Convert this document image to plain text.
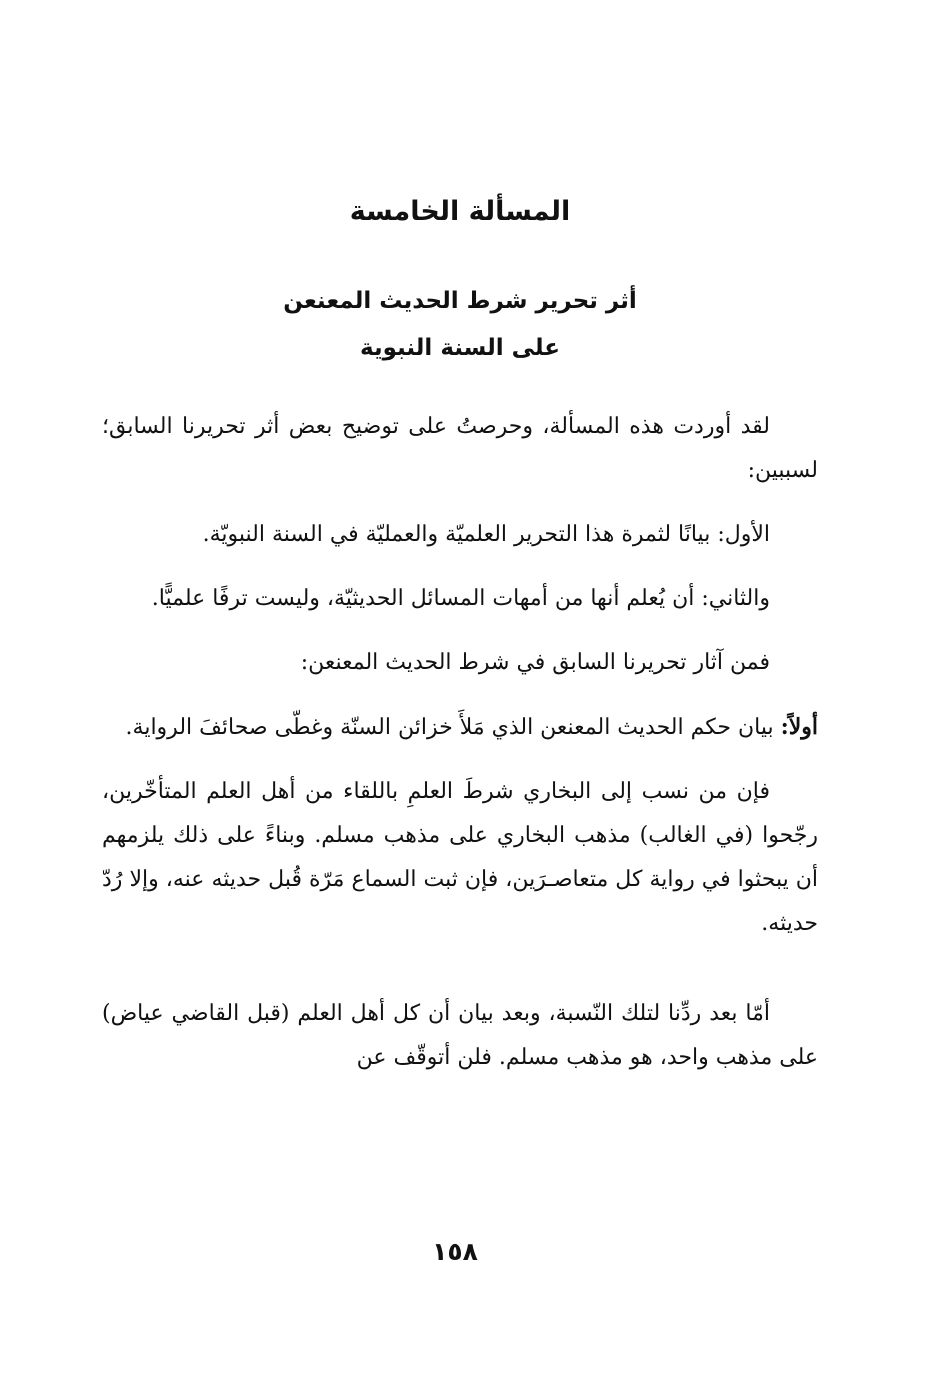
المسألة الخامسة
أثر تحرير شرط الحديث المعنعن
على السنة النبوية

لقد أوردت هذه المسألة، وحرصتُ على توضيح بعض أثر تحريرنا السابق؛ لسببين:

الأول: بيانًا لثمرة هذا التحرير العلميّة والعمليّة في السنة النبويّة.

والثاني: أن يُعلم أنها من أمهات المسائل الحديثيّة، وليست ترفًا علميًّا.

فمن آثار تحريرنا السابق في شرط الحديث المعنعن:

أولاً: بيان حكم الحديث المعنعن الذي مَلأَ خزائن السنّة وغطّى صحائفَ الرواية.

فإن من نسب إلى البخاري شرطَ العلمِ باللقاء من أهل العلم المتأخّرين، رجّحوا (في الغالب) مذهب البخاري على مذهب مسلم. وبناءً على ذلك يلزمهم أن يبحثوا في رواية كل متعاصـرَين، فإن ثبت السماع مَرّة قُبل حديثه عنه، وإلا رُدّ حديثه.

أمّا بعد ردِّنا لتلك النّسبة، وبعد بيان أن كل أهل العلم (قبل القاضي عياض) على مذهب واحد، هو مذهب مسلم. فلن أتوقّف عن

١٥٨
